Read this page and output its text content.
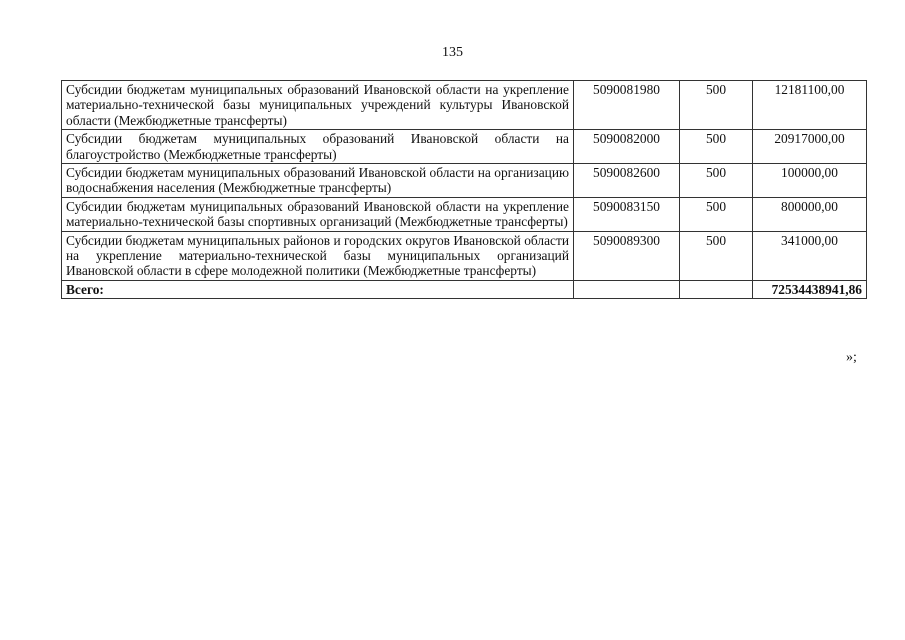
135
Субсидии бюджетам муниципальных образований Ивановской области на укрепление материально-технической базы муниципальных учреждений культуры Ивановской области (Межбюджетные трансферты)	5090081980	500	12181100,00
Субсидии бюджетам муниципальных образований Ивановской области на благоустройство (Межбюджетные трансферты)	5090082000	500	20917000,00
Субсидии бюджетам муниципальных образований Ивановской области на организацию водоснабжения населения (Межбюджетные трансферты)	5090082600	500	100000,00
Субсидии бюджетам муниципальных образований Ивановской области на укрепление материально-технической базы спортивных организаций (Межбюджетные трансферты)	5090083150	500	800000,00
Субсидии бюджетам муниципальных районов и городских округов Ивановской области на укрепление материально-технической базы муниципальных организаций Ивановской области в сфере молодежной политики (Межбюджетные трансферты)	5090089300	500	341000,00
Всего:			72534438941,86
»;
